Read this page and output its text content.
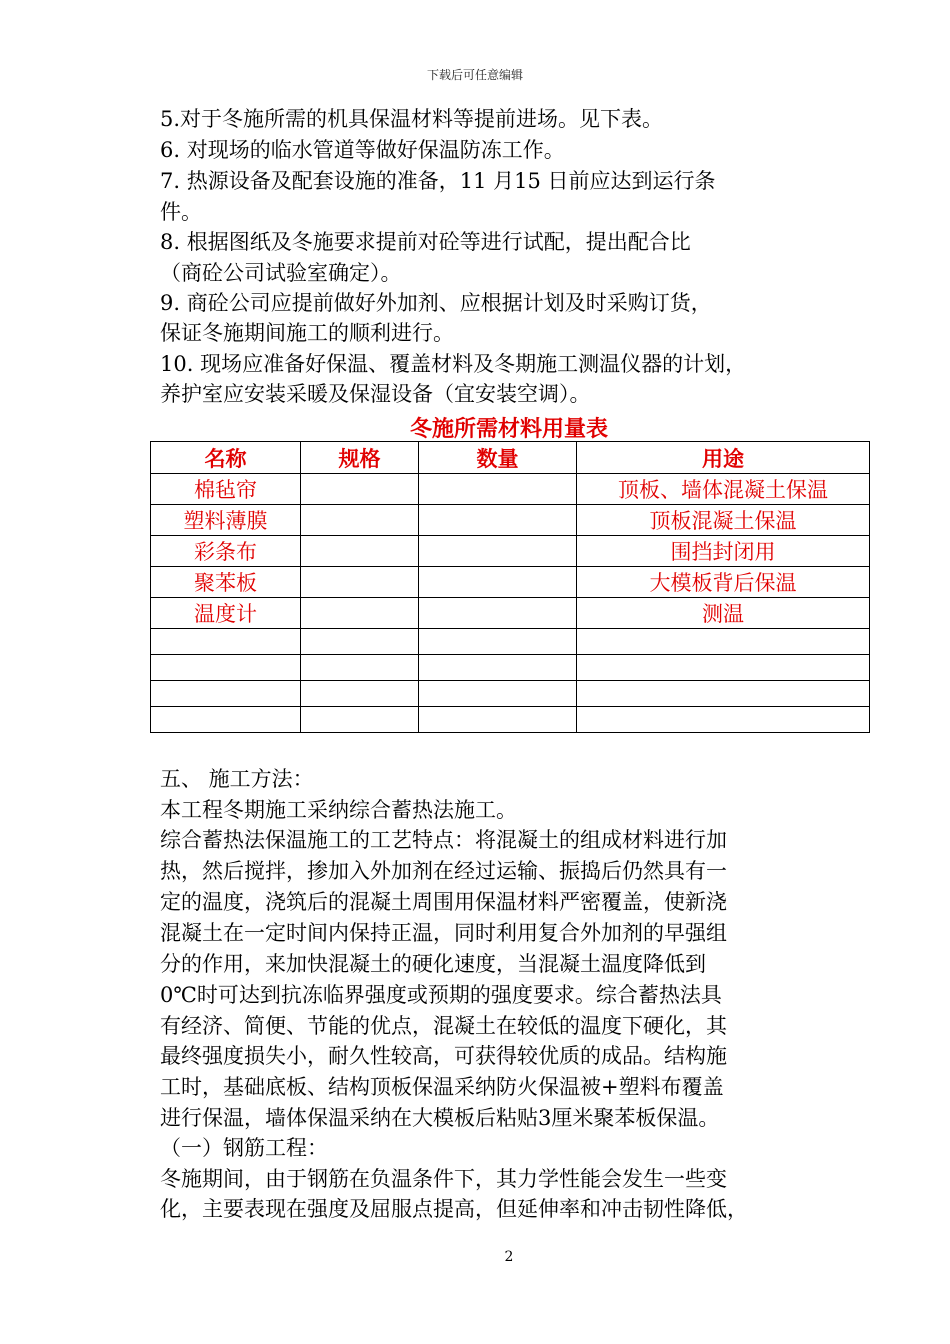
下载后可任意编辑
5.对于冬施所需的机具保温材料等提前进场。见下表。
6. 对现场的临水管道等做好保温防冻工作。
7. 热源设备及配套设施的准备，11 月15 日前应达到运行条
件。
8. 根据图纸及冬施要求提前对砼等进行试配，提出配合比
（商砼公司试验室确定）。
9. 商砼公司应提前做好外加剂、应根据计划及时采购订货，
保证冬施期间施工的顺利进行。
10. 现场应准备好保温、覆盖材料及冬期施工测温仪器的计划，
养护室应安装采暖及保湿设备（宜安装空调）。
冬施所需材料用量表
名称	规格	数量	用途
棉毡帘			顶板、墙体混凝土保温
塑料薄膜			顶板混凝土保温
彩条布			围挡封闭用
聚苯板			大模板背后保温
温度计			测温

五、 施工方法：
本工程冬期施工采纳综合蓄热法施工。
综合蓄热法保温施工的工艺特点：将混凝土的组成材料进行加
热，然后搅拌，掺加入外加剂在经过运输、振捣后仍然具有一
定的温度，浇筑后的混凝土周围用保温材料严密覆盖，使新浇
混凝土在一定时间内保持正温，同时利用复合外加剂的早强组
分的作用，来加快混凝土的硬化速度，当混凝土温度降低到
0℃时可达到抗冻临界强度或预期的强度要求。综合蓄热法具
有经济、简便、节能的优点，混凝土在较低的温度下硬化，其
最终强度损失小，耐久性较高，可获得较优质的成品。结构施
工时，基础底板、结构顶板保温采纳防火保温被+塑料布覆盖
进行保温，墙体保温采纳在大模板后粘贴3厘米聚苯板保温。
（一）钢筋工程：
冬施期间，由于钢筋在负温条件下，其力学性能会发生一些变
化，主要表现在强度及屈服点提高，但延伸率和冲击韧性降低，
2
